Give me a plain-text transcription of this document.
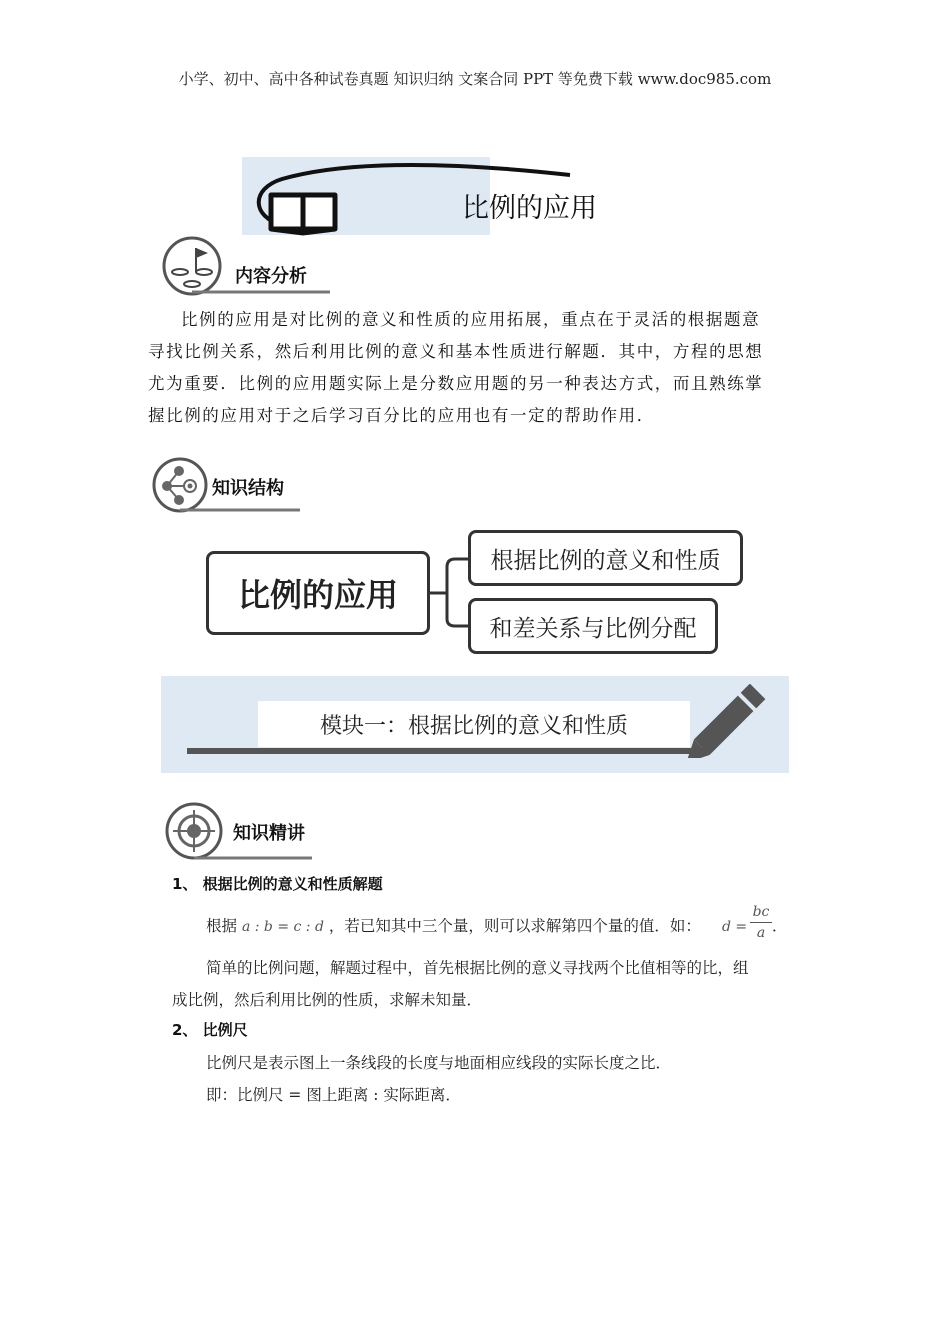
小学、初中、高中各种试卷真题 知识归纳 文案合同 PPT 等免费下载 www.doc985.com
比例的应用
内容分析
比例的应用是对比例的意义和性质的应用拓展，重点在于灵活的根据题意
寻找比例关系，然后利用比例的意义和基本性质进行解题．其中，方程的思想
尤为重要．比例的应用题实际上是分数应用题的另一种表达方式，而且熟练掌
握比例的应用对于之后学习百分比的应用也有一定的帮助作用．
知识结构
比例的应用
根据比例的意义和性质
和差关系与比例分配
模块一：根据比例的意义和性质
知识精讲
1、 根据比例的意义和性质解题
根据 a : b = c : d ，若已知其中三个量，则可以求解第四个量的值．如： d =
bc
a ．
简单的比例问题，解题过程中，首先根据比例的意义寻找两个比值相等的比，组
成比例，然后利用比例的性质，求解未知量．
2、 比例尺
比例尺是表示图上一条线段的长度与地面相应线段的实际长度之比．
即：比例尺 = 图上距离 : 实际距离．
